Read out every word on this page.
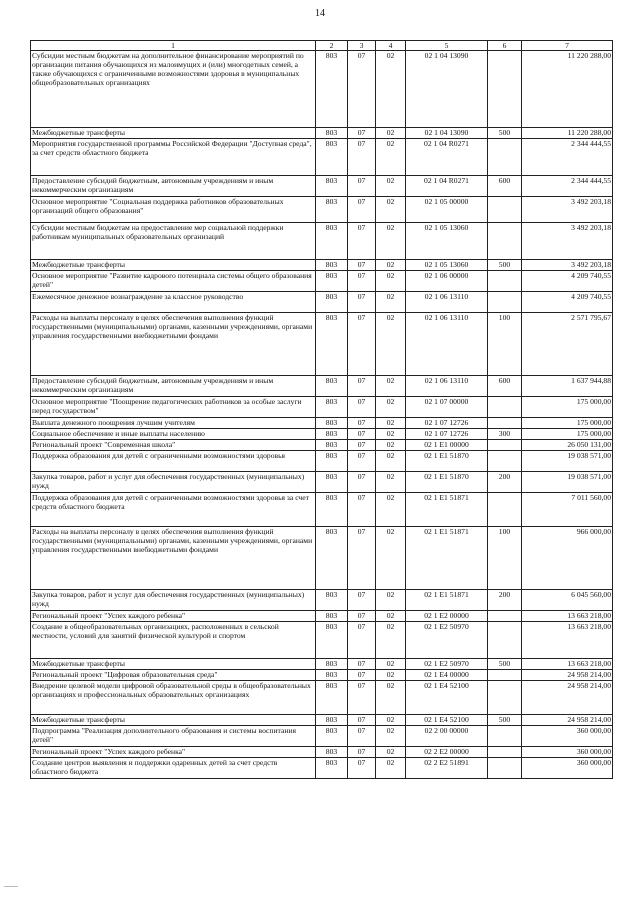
14
1	2	3	4	5	6	7
Субсидии местным бюджетам на дополнительное финансирование мероприятий по организации питания обучающихся из малоимущих и (или) многодетных семей, а также обучающихся с ограниченными возможностями здоровья в муниципальных общеобразовательных организациях	803	07	02	02 1 04 13090		11 220 288,00
Межбюджетные трансферты	803	07	02	02 1 04 13090	500	11 220 288,00
Мероприятия государственной программы Российской Федерации "Доступная среда", за счет средств областного бюджета	803	07	02	02 1 04 R0271		2 344 444,55
Предоставление субсидий бюджетным, автономным учреждениям и иным некоммерческим организациям	803	07	02	02 1 04 R0271	600	2 344 444,55
Основное мероприятие "Социальная поддержка работников образовательных организаций общего образования"	803	07	02	02 1 05 00000		3 492 203,18
Субсидии местным бюджетам на предоставление мер социальной поддержки работникам муниципальных образовательных организаций	803	07	02	02 1 05 13060		3 492 203,18
Межбюджетные трансферты	803	07	02	02 1 05 13060	500	3 492 203,18
Основное мероприятие "Развитие кадрового потенциала системы общего образования детей"	803	07	02	02 1 06 00000		4 209 740,55
Ежемесячное денежное вознаграждение за классное руководство	803	07	02	02 1 06 13110		4 209 740,55
Расходы на выплаты персоналу в целях обеспечения выполнения функций государственными (муниципальными) органами, казенными учреждениями, органами управления государственными внебюджетными фондами	803	07	02	02 1 06 13110	100	2 571 795,67
Предоставление субсидий бюджетным, автономным учреждениям и иным некоммерческим организациям	803	07	02	02 1 06 13110	600	1 637 944,88
Основное мероприятие "Поощрение педагогических работников за особые заслуги перед государством"	803	07	02	02 1 07 00000		175 000,00
Выплата денежного поощрения лучшим учителям	803	07	02	02 1 07 12726		175 000,00
Социальное обеспечение и иные выплаты населению	803	07	02	02 1 07 12726	300	175 000,00
Региональный проект "Современная школа"	803	07	02	02 1 E1 00000		26 050 131,00
Поддержка образования для детей с ограниченными возможностями здоровья	803	07	02	02 1 E1 51870		19 038 571,00
Закупка товаров, работ и услуг для обеспечения государственных (муниципальных) нужд	803	07	02	02 1 E1 51870	200	19 038 571,00
Поддержка образования для детей с ограниченными возможностями здоровья за счет средств областного бюджета	803	07	02	02 1 E1 51871		7 011 560,00
Расходы на выплаты персоналу в целях обеспечения выполнения функций государственными (муниципальными) органами, казенными учреждениями, органами управления государственными внебюджетными фондами	803	07	02	02 1 E1 51871	100	966 000,00
Закупка товаров, работ и услуг для обеспечения государственных (муниципальных) нужд	803	07	02	02 1 E1 51871	200	6 045 560,00
Региональный проект "Успех каждого ребенка"	803	07	02	02 1 E2 00000		13 663 218,00
Создание в общеобразовательных организациях, расположенных в сельской местности, условий для занятий физической культурой и спортом	803	07	02	02 1 E2 50970		13 663 218,00
Межбюджетные трансферты	803	07	02	02 1 E2 50970	500	13 663 218,00
Региональный проект "Цифровая образовательная среда"	803	07	02	02 1 E4 00000		24 958 214,00
Внедрение целевой модели цифровой образовательной среды в общеобразовательных организациях и профессиональных образовательных организациях	803	07	02	02 1 E4 52100		24 958 214,00
Межбюджетные трансферты	803	07	02	02 1 E4 52100	500	24 958 214,00
Подпрограмма "Реализация дополнительного образования и системы воспитания детей"	803	07	02	02 2 00 00000		360 000,00
Региональный проект "Успех каждого ребенка"	803	07	02	02 2 E2 00000		360 000,00
Создание центров выявления и поддержки одаренных детей за счет средств областного бюджета	803	07	02	02 2 E2 51891		360 000,00
